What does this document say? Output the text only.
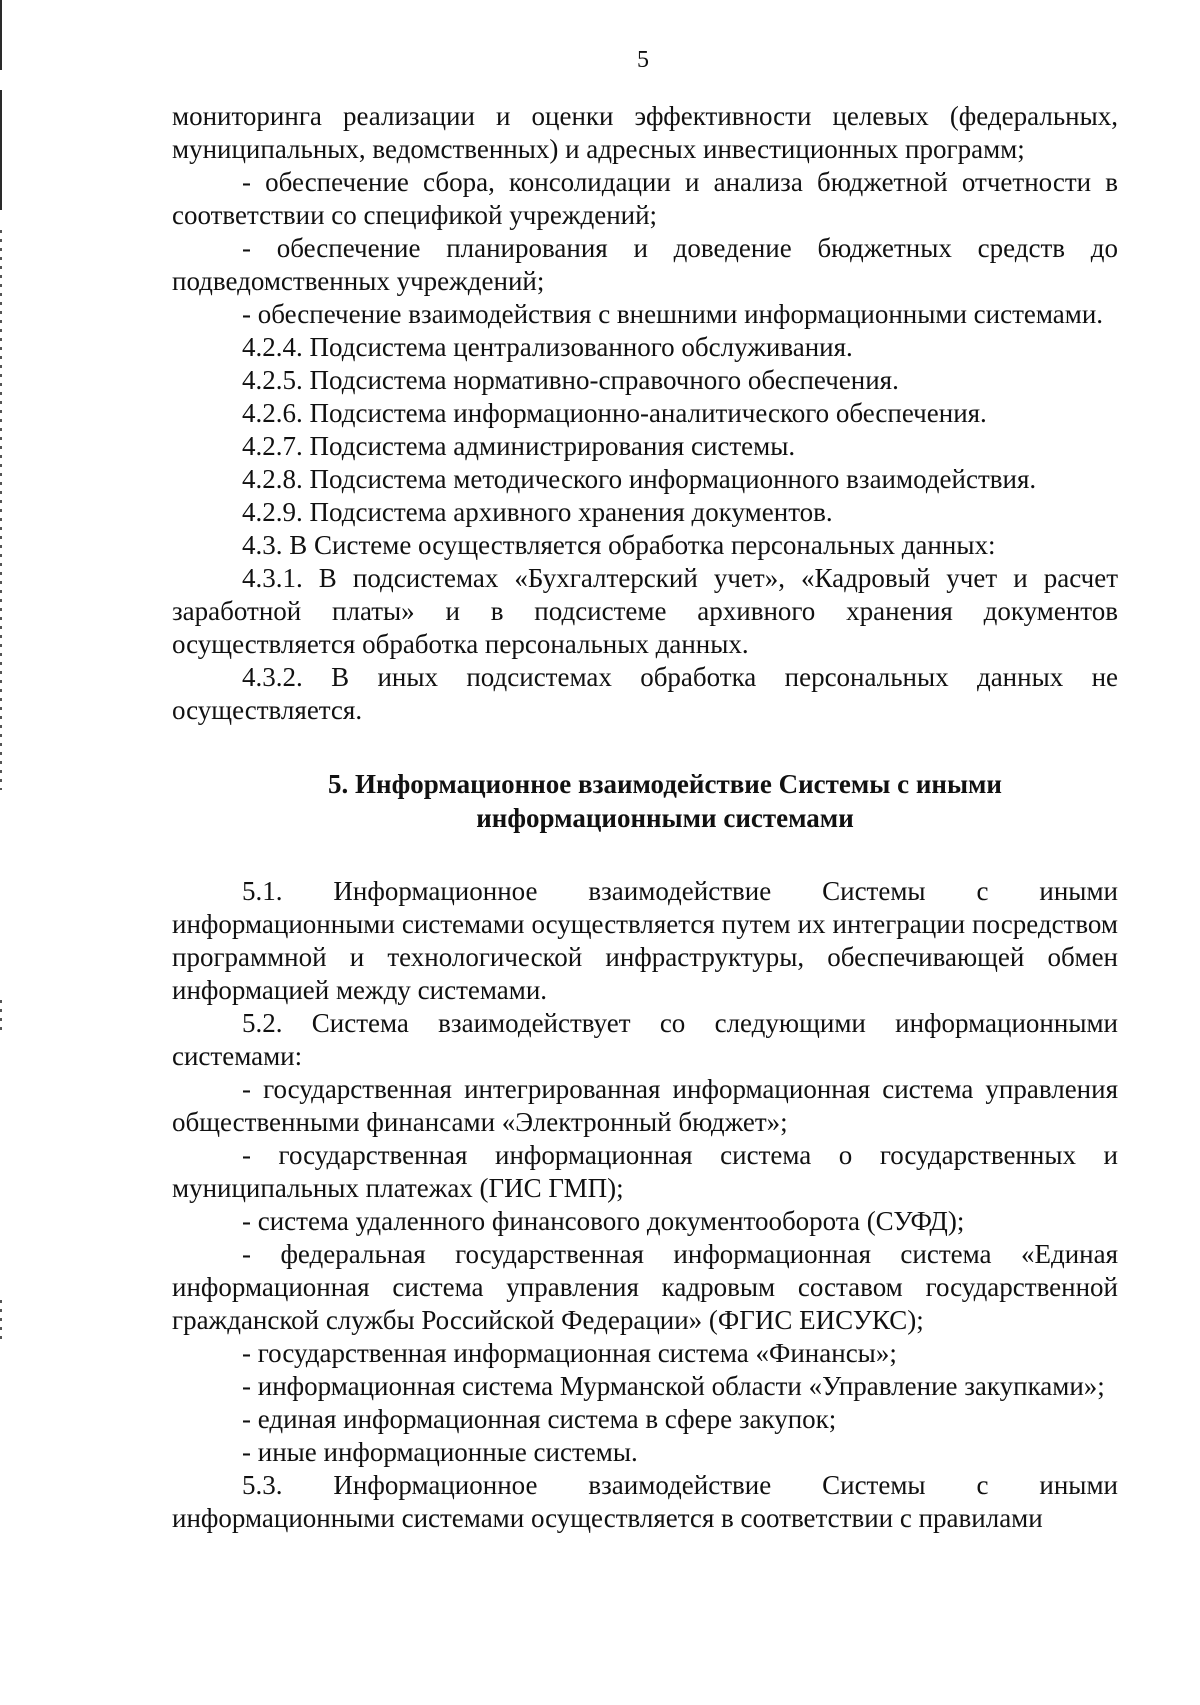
5

мониторинга реализации и оценки эффективности целевых (федеральных, муниципальных, ведомственных) и адресных инвестиционных программ;

- обеспечение сбора, консолидации и анализа бюджетной отчетности в соответствии со спецификой учреждений;

- обеспечение планирования и доведение бюджетных средств до подведомственных учреждений;

- обеспечение взаимодействия с внешними информационными системами.

4.2.4. Подсистема централизованного обслуживания.

4.2.5. Подсистема нормативно-справочного обеспечения.

4.2.6. Подсистема информационно-аналитического обеспечения.

4.2.7. Подсистема администрирования системы.

4.2.8. Подсистема методического информационного взаимодействия.

4.2.9. Подсистема архивного хранения документов.

4.3. В Системе осуществляется обработка персональных данных:

4.3.1. В подсистемах «Бухгалтерский учет», «Кадровый учет и расчет заработной платы» и в подсистеме архивного хранения документов осуществляется обработка персональных данных.

4.3.2. В иных подсистемах обработка персональных данных не осуществляется.

5. Информационное взаимодействие Системы с иными
информационными системами

5.1. Информационное взаимодействие Системы с иными информационными системами осуществляется путем их интеграции посредством программной и технологической инфраструктуры, обеспечивающей обмен информацией между системами.

5.2. Система взаимодействует со следующими информационными системами:

- государственная интегрированная информационная система управления общественными финансами «Электронный бюджет»;

- государственная информационная система о государственных и муниципальных платежах (ГИС ГМП);

- система удаленного финансового документооборота (СУФД);

- федеральная государственная информационная система «Единая информационная система управления кадровым составом государственной гражданской службы Российской Федерации» (ФГИС ЕИСУКС);

- государственная информационная система «Финансы»;

- информационная система Мурманской области «Управление закупками»;

- единая информационная система в сфере закупок;

- иные информационные системы.

5.3. Информационное взаимодействие Системы с иными информационными системами осуществляется в соответствии с правилами
